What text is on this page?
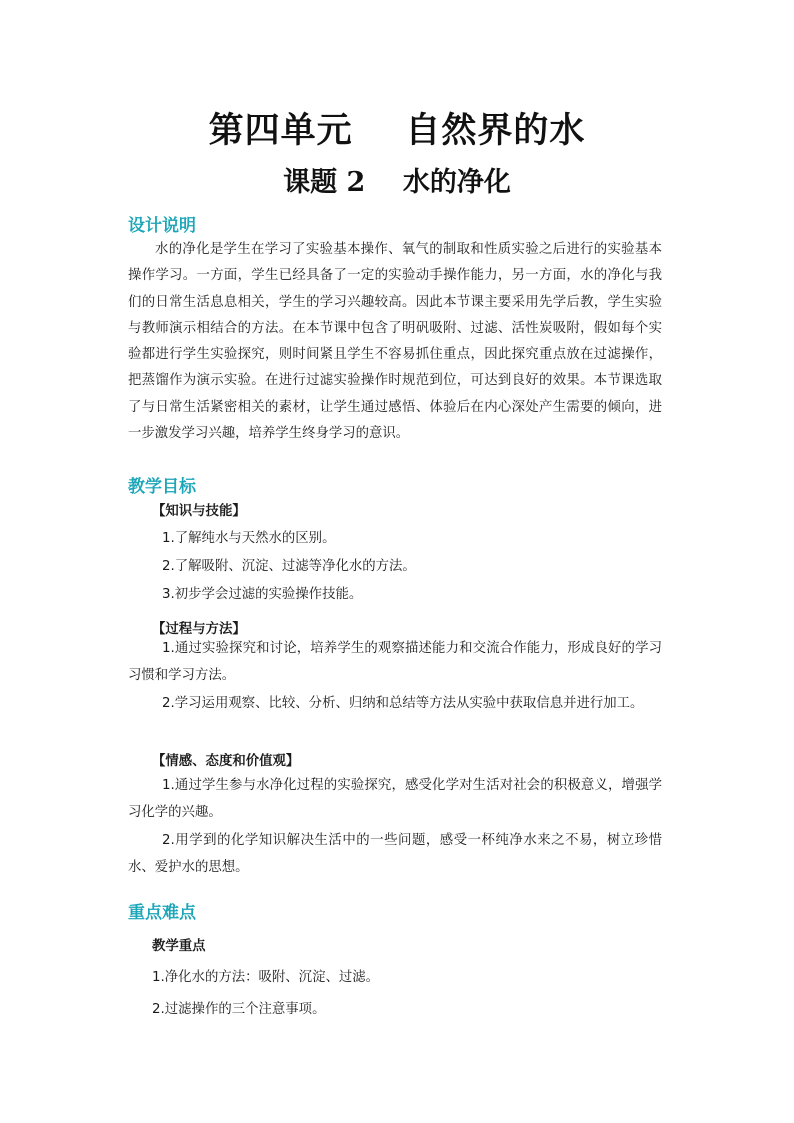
第四单元    自然界的水
课题 2    水的净化
设计说明
水的净化是学生在学习了实验基本操作、氧气的制取和性质实验之后进行的实验基本操作学习。一方面，学生已经具备了一定的实验动手操作能力，另一方面，水的净化与我们的日常生活息息相关，学生的学习兴趣较高。因此本节课主要采用先学后教，学生实验与教师演示相结合的方法。在本节课中包含了明矾吸附、过滤、活性炭吸附，假如每个实验都进行学生实验探究，则时间紧且学生不容易抓住重点，因此探究重点放在过滤操作，把蒸馏作为演示实验。在进行过滤实验操作时规范到位，可达到良好的效果。本节课选取了与日常生活紧密相关的素材，让学生通过感悟、体验后在内心深处产生需要的倾向，进一步激发学习兴趣，培养学生终身学习的意识。
教学目标
【知识与技能】
1.了解纯水与天然水的区别。
2.了解吸附、沉淀、过滤等净化水的方法。
3.初步学会过滤的实验操作技能。
【过程与方法】
1.通过实验探究和讨论，培养学生的观察描述能力和交流合作能力，形成良好的学习习惯和学习方法。
2.学习运用观察、比较、分析、归纳和总结等方法从实验中获取信息并进行加工。
【情感、态度和价值观】
1.通过学生参与水净化过程的实验探究，感受化学对生活对社会的积极意义，增强学习化学的兴趣。
2.用学到的化学知识解决生活中的一些问题，感受一杯纯净水来之不易，树立珍惜水、爱护水的思想。
重点难点
教学重点
1.净化水的方法：吸附、沉淀、过滤。
2.过滤操作的三个注意事项。
